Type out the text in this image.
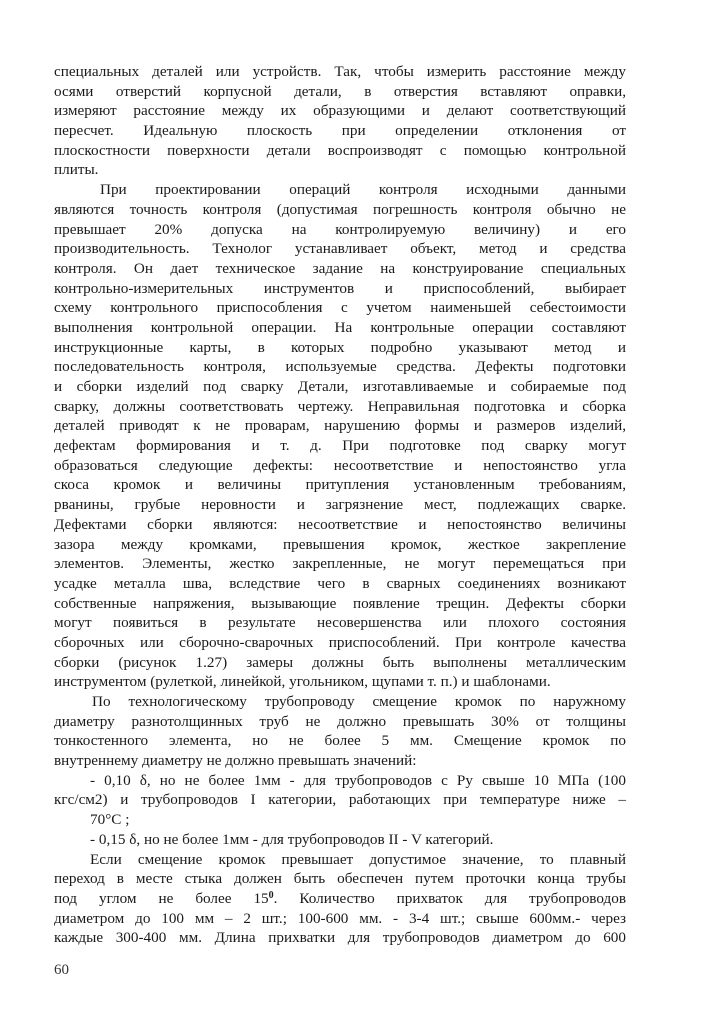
специальных деталей или устройств. Так, чтобы измерить расстояние между
осями отверстий корпусной детали, в отверстия вставляют оправки,
измеряют расстояние между их образующими и делают соответствующий
пересчет. Идеальную плоскость при определении отклонения от
плоскостности поверхности детали воспроизводят с помощью контрольной
плиты.
При проектировании операций контроля исходными данными
являются точность контроля (допустимая погрешность контроля обычно не
превышает 20% допуска на контролируемую величину) и его
производительность. Технолог устанавливает объект, метод и средства
контроля. Он дает техническое задание на конструирование специальных
контрольно-измерительных инструментов и приспособлений, выбирает
схему контрольного приспособления с учетом наименьшей себестоимости
выполнения контрольной операции. На контрольные операции составляют
инструкционные карты, в которых подробно указывают метод и
последовательность контроля, используемые средства. Дефекты подготовки
и сборки изделий под сварку Детали, изготавливаемые и собираемые под
сварку, должны соответствовать чертежу. Неправильная подготовка и сборка
деталей приводят к не проварам, нарушению формы и размеров изделий,
дефектам формирования и т. д. При подготовке под сварку могут
образоваться следующие дефекты: несоответствие и непостоянство угла
скоса кромок и величины притупления установленным требованиям,
рванины, грубые неровности и загрязнение мест, подлежащих сварке.
Дефектами сборки являются: несоответствие и непостоянство величины
зазора между кромками, превышения кромок, жесткое закрепление
элементов. Элементы, жестко закрепленные, не могут перемещаться при
усадке металла шва, вследствие чего в сварных соединениях возникают
собственные напряжения, вызывающие появление трещин. Дефекты сборки
могут появиться в результате несовершенства или плохого состояния
сборочных или сборочно-сварочных приспособлений. При контроле качества
сборки (рисунок 1.27) замеры должны быть выполнены металлическим
инструментом (рулеткой, линейкой, угольником, щупами т. п.) и шаблонами.
По технологическому трубопроводу смещение кромок по наружному
диаметру разнотолщинных труб не должно превышать 30% от толщины
тонкостенного элемента, но не более 5 мм. Смещение кромок по
внутреннему диаметру не должно превышать значений:
- 0,10 δ, но не более 1мм - для трубопроводов с Py свыше 10 МПа (100
кгс/см2) и трубопроводов I категории, работающих при температуре ниже –
70°С ;
- 0,15 δ, но не более 1мм - для трубопроводов II - V категорий.
Если смещение кромок превышает допустимое значение, то плавный
переход в месте стыка должен быть обеспечен путем проточки конца трубы
под углом не более $15^0$. Количество прихваток для трубопроводов
диаметром до 100 мм – 2 шт.; 100-600 мм. - 3-4 шт.; свыше 600мм.- через
каждые 300-400 мм. Длина прихватки для трубопроводов диаметром до 600
60
